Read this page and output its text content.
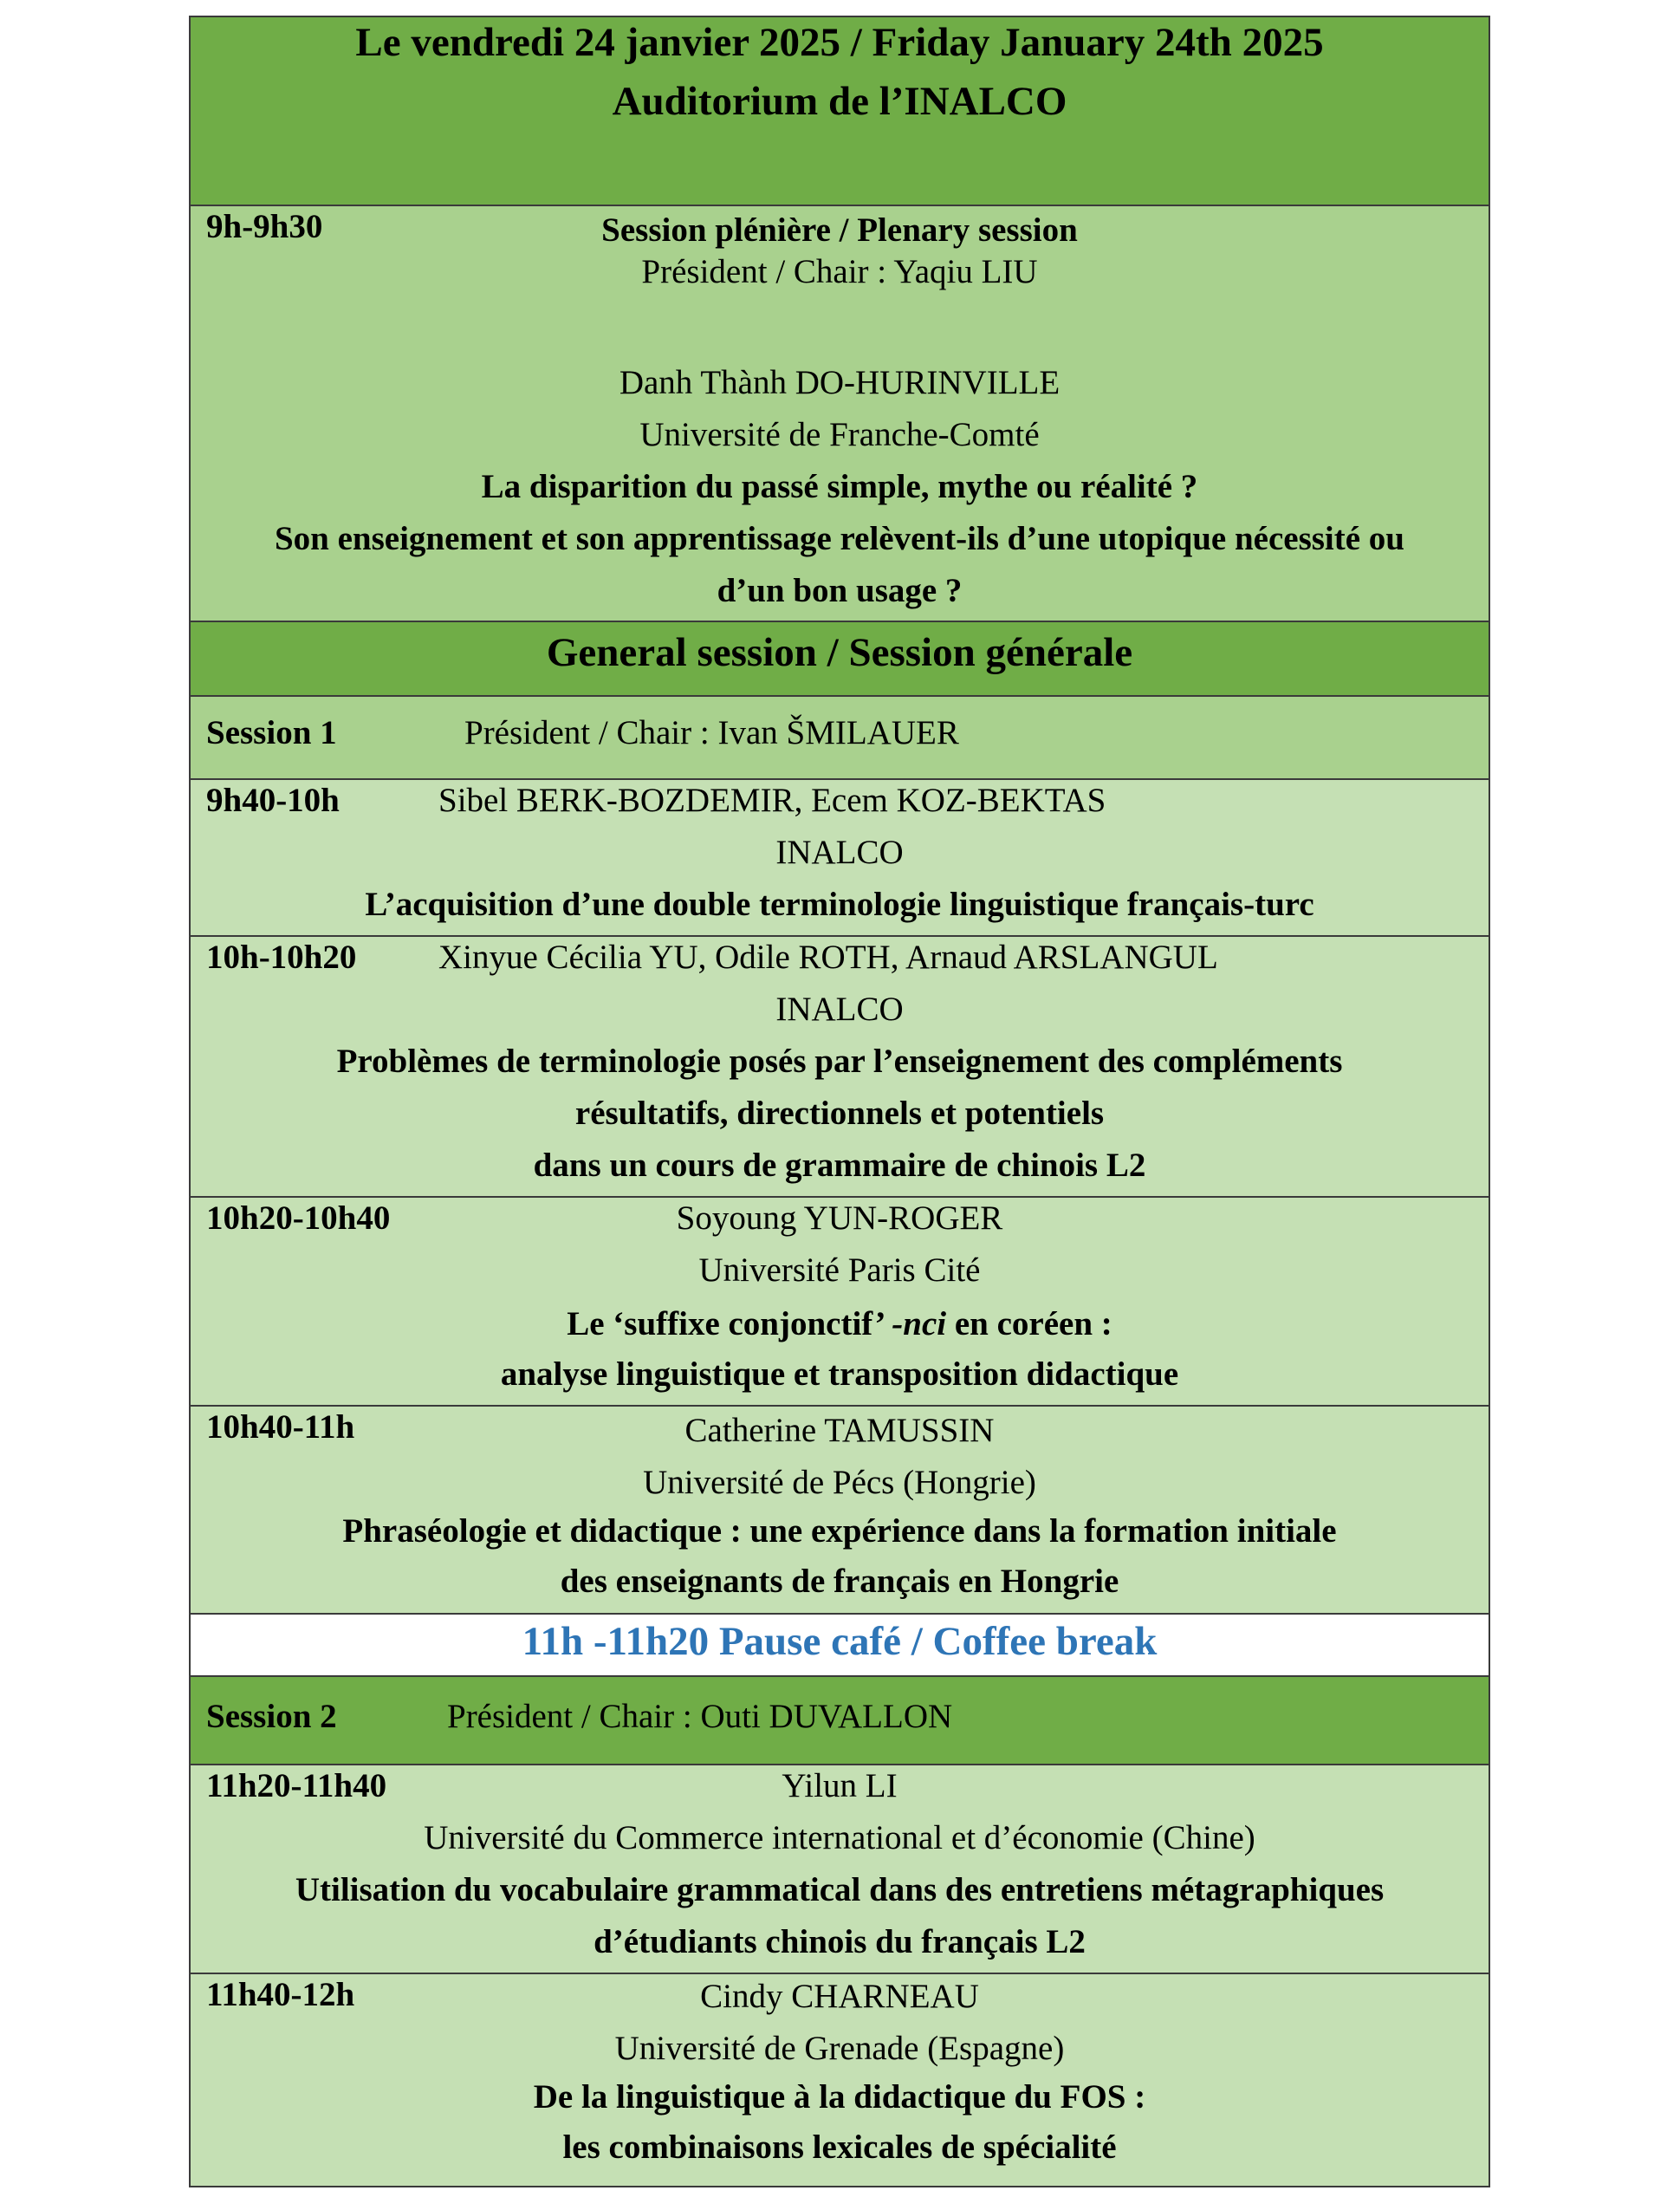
Le vendredi 24 janvier 2025 / Friday January 24th 2025
Auditorium de l’INALCO
9h-9h30	Session plénière / Plenary session
Président / Chair : Yaqiu LIU
Danh Thành DO-HURINVILLE
Université de Franche-Comté
La disparition du passé simple, mythe ou réalité ?
Son enseignement et son apprentissage relèvent-ils d’une utopique nécessité ou
d’un bon usage ?
General session / Session générale
Session 1	Président / Chair : Ivan ŠMILAUER
9h40-10h	Sibel BERK-BOZDEMIR, Ecem KOZ-BEKTAS
INALCO
L’acquisition d’une double terminologie linguistique français-turc
10h-10h20 Xinyue Cécilia YU, Odile ROTH, Arnaud ARSLANGUL
INALCO
Problèmes de terminologie posés par l’enseignement des compléments
résultatifs, directionnels et potentiels
dans un cours de grammaire de chinois L2
10h20-10h40	Soyoung YUN-ROGER
Université Paris Cité
Le ‘suffixe conjonctif’ -nci en coréen :
analyse linguistique et transposition didactique
10h40-11h	Catherine TAMUSSIN
Université de Pécs (Hongrie)
Phraséologie et didactique : une expérience dans la formation initiale
des enseignants de français en Hongrie
11h -11h20 Pause café / Coffee break
Session 2	Président / Chair : Outi DUVALLON
11h20-11h40	Yilun LI
Université du Commerce international et d’économie (Chine)
Utilisation du vocabulaire grammatical dans des entretiens métagraphiques
d’étudiants chinois du français L2
11h40-12h	Cindy CHARNEAU
Université de Grenade (Espagne)
De la linguistique à la didactique du FOS :
les combinaisons lexicales de spécialité
